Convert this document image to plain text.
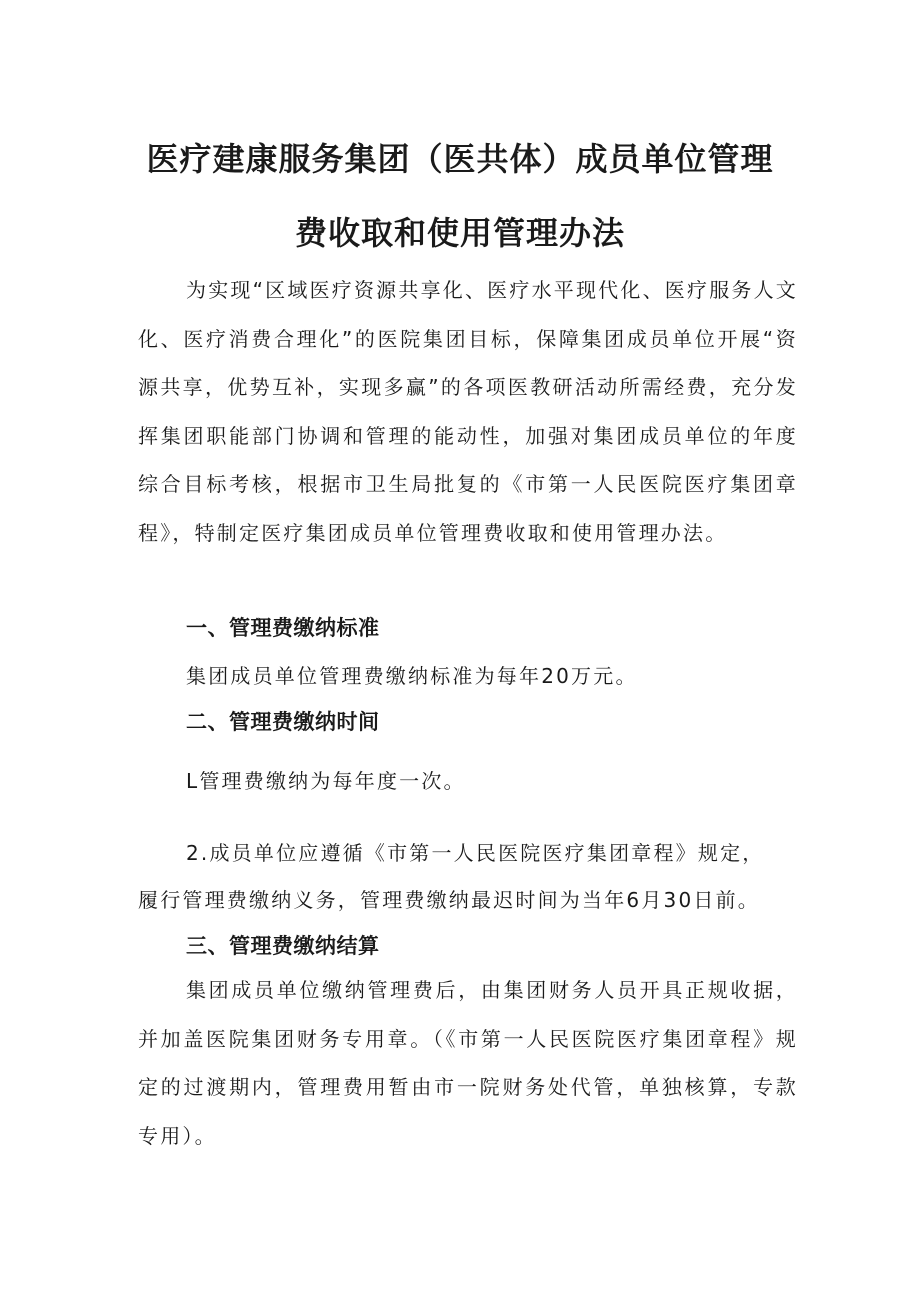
医疗建康服务集团（医共体）成员单位管理
费收取和使用管理办法

为实现“区域医疗资源共享化、医疗水平现代化、医疗服务人文化、医疗消费合理化”的医院集团目标，保障集团成员单位开展“资源共享，优势互补，实现多赢”的各项医教研活动所需经费，充分发挥集团职能部门协调和管理的能动性，加强对集团成员单位的年度综合目标考核，根据市卫生局批复的《市第一人民医院医疗集团章程》，特制定医疗集团成员单位管理费收取和使用管理办法。

一、管理费缴纳标准

集团成员单位管理费缴纳标准为每年20万元。

二、管理费缴纳时间

L管理费缴纳为每年度一次。

2.成员单位应遵循《市第一人民医院医疗集团章程》规定，

履行管理费缴纳义务，管理费缴纳最迟时间为当年6月30日前。

三、管理费缴纳结算

集团成员单位缴纳管理费后，由集团财务人员开具正规收据，并加盖医院集团财务专用章。（《市第一人民医院医疗集团章程》规定的过渡期内，管理费用暂由市一院财务处代管，单独核算，专款专用）。
